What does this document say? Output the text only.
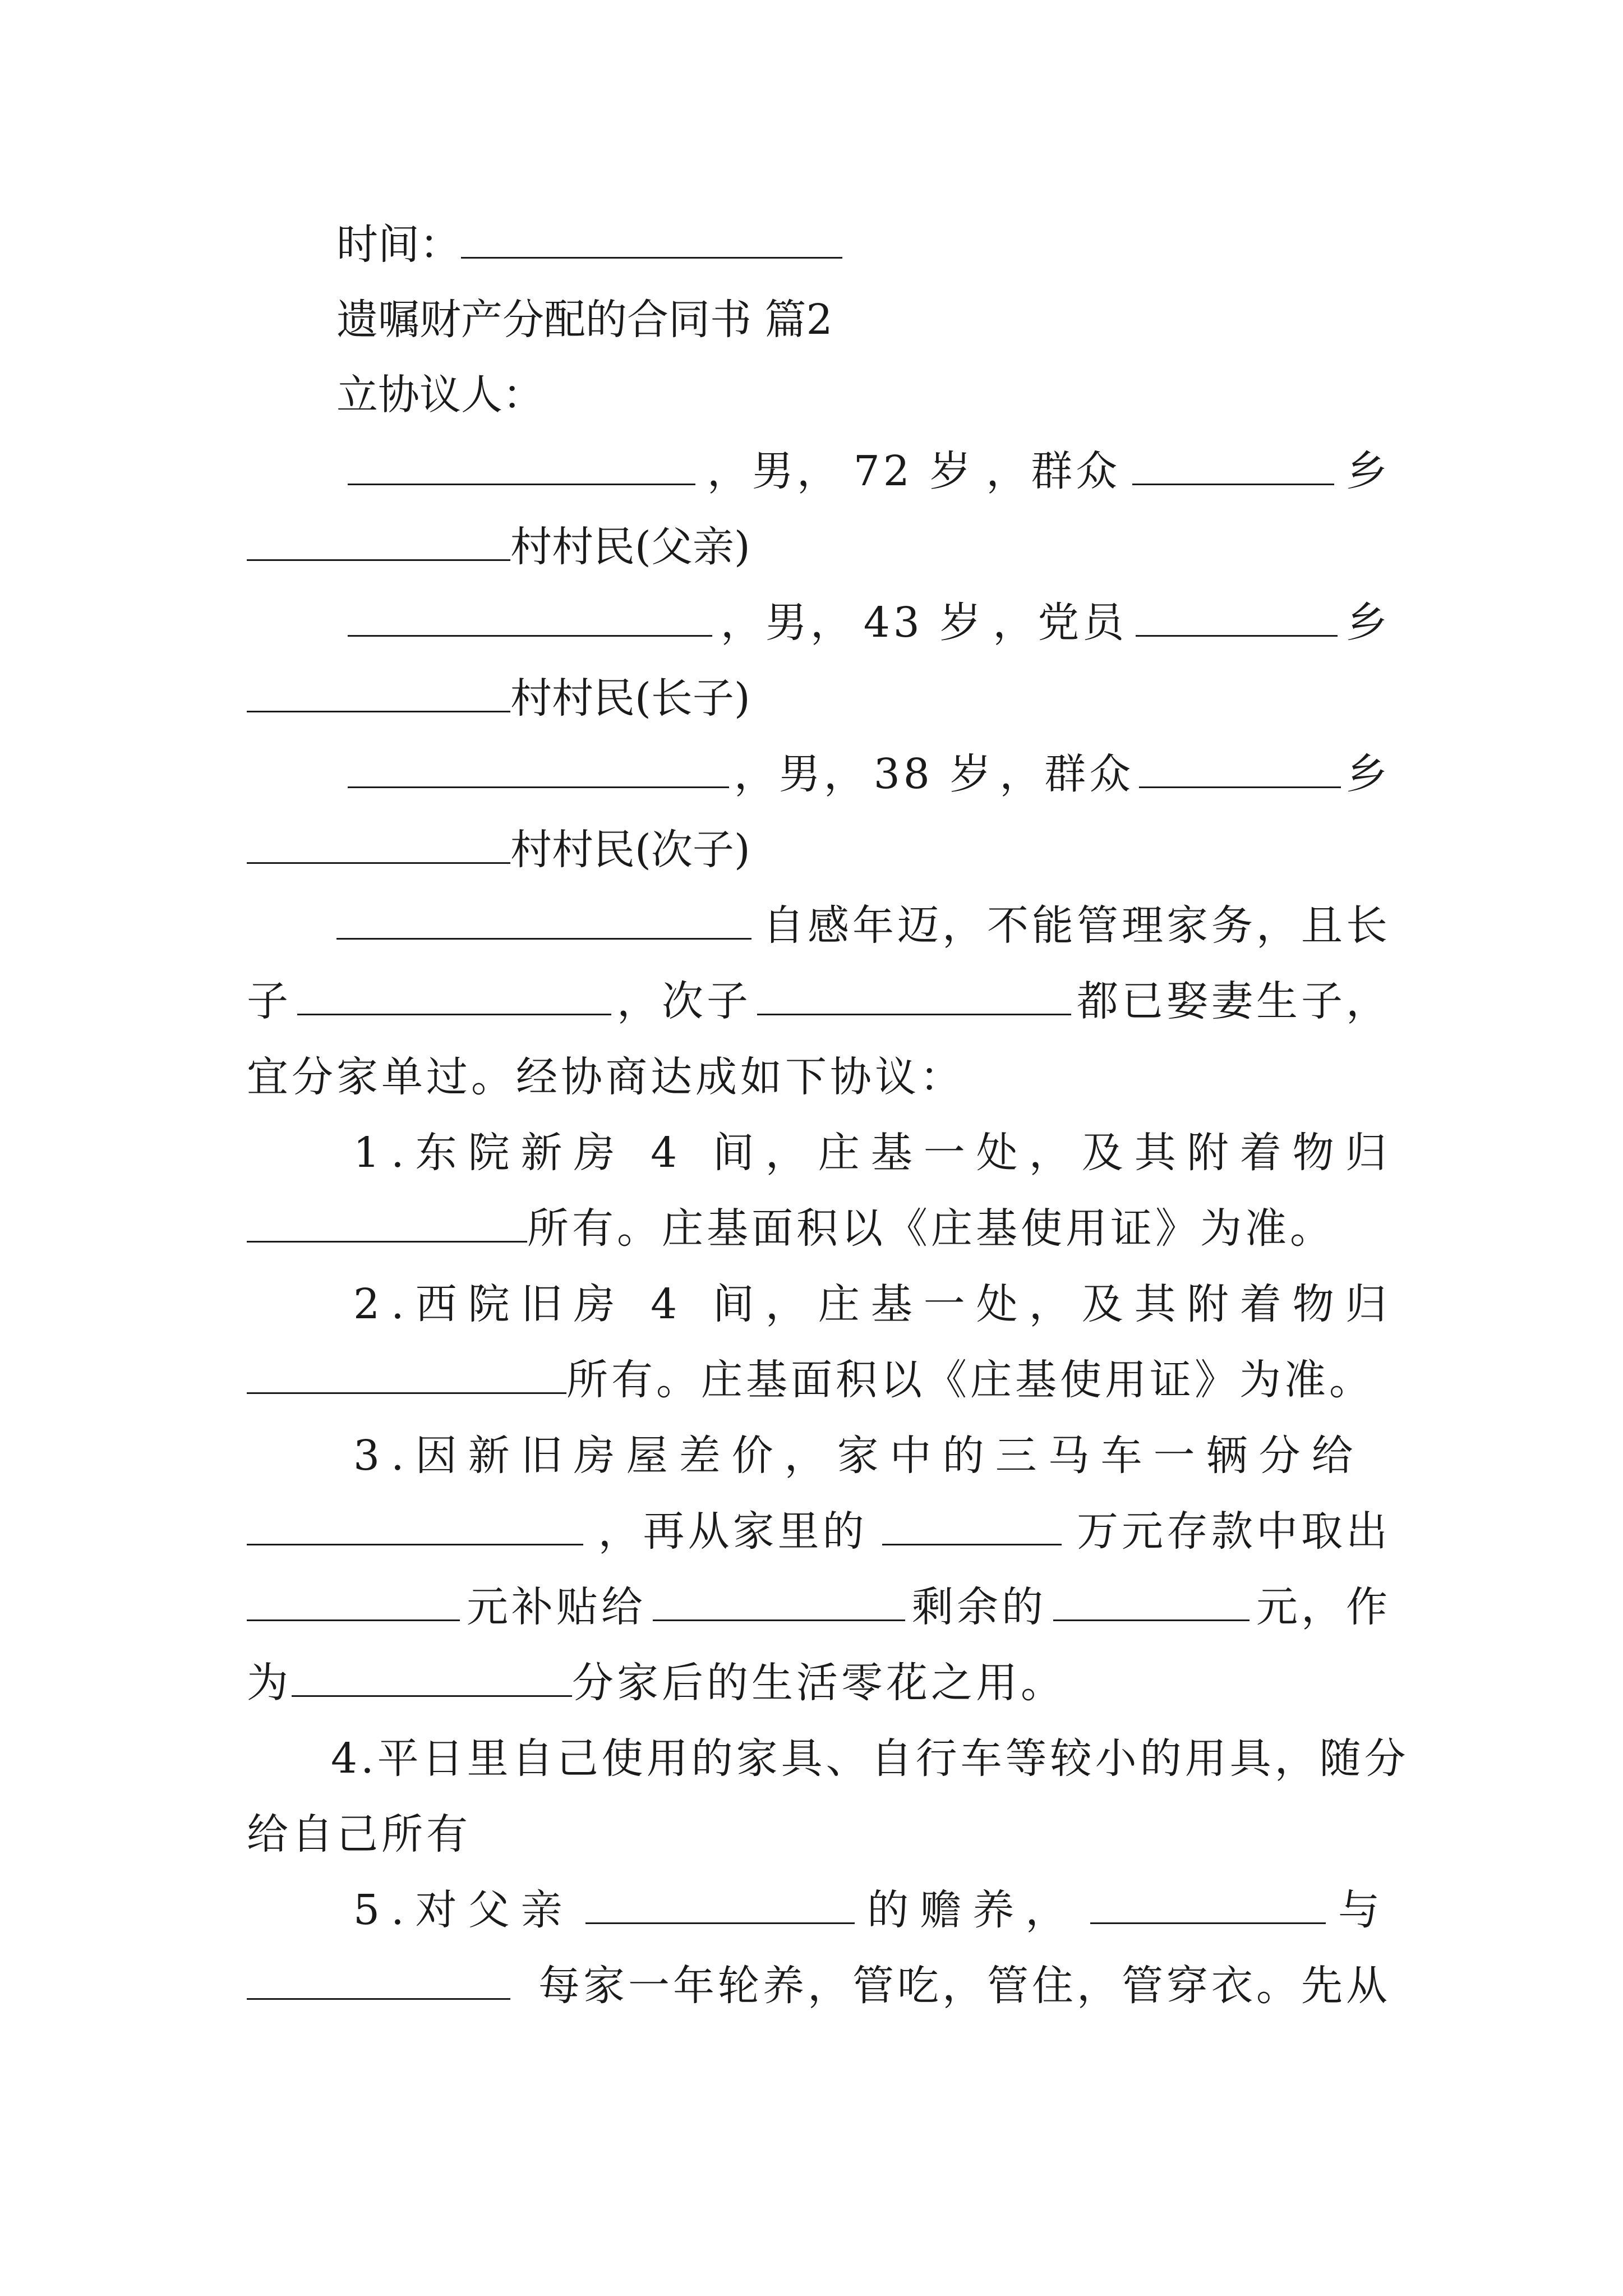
时间：
遗嘱财产分配的合同书 篇2
立协议人：
，男， 72 岁 ，群众	乡
村村民(父亲)
，男， 43 岁 ，党员	乡
村村民(长子)
，男， 38 岁 ，群众	乡
村村民(次子)
自感年迈，不能管理家务，且长
子	，次子	都已娶妻生子，
宜分家单过。经协商达成如下协议：
1.东院新房 4 间，庄基一处，及其附着物归
所有。庄基面积以《庄基使用证》为准。
2.西院旧房 4 间，庄基一处，及其附着物归
所有。庄基面积以《庄基使用证》为准。
3.因新旧房屋差价，家中的三马车一辆分给
，再从家里的	万元存款中取出
元补贴给	剩余的	元，作
为	分家后的生活零花之用。
4.平日里自己使用的家具、自行车等较小的用具，随分
给自己所有
5.对父亲	的赡养，	与
每家一年轮养，管吃，管住，管穿衣。先从
